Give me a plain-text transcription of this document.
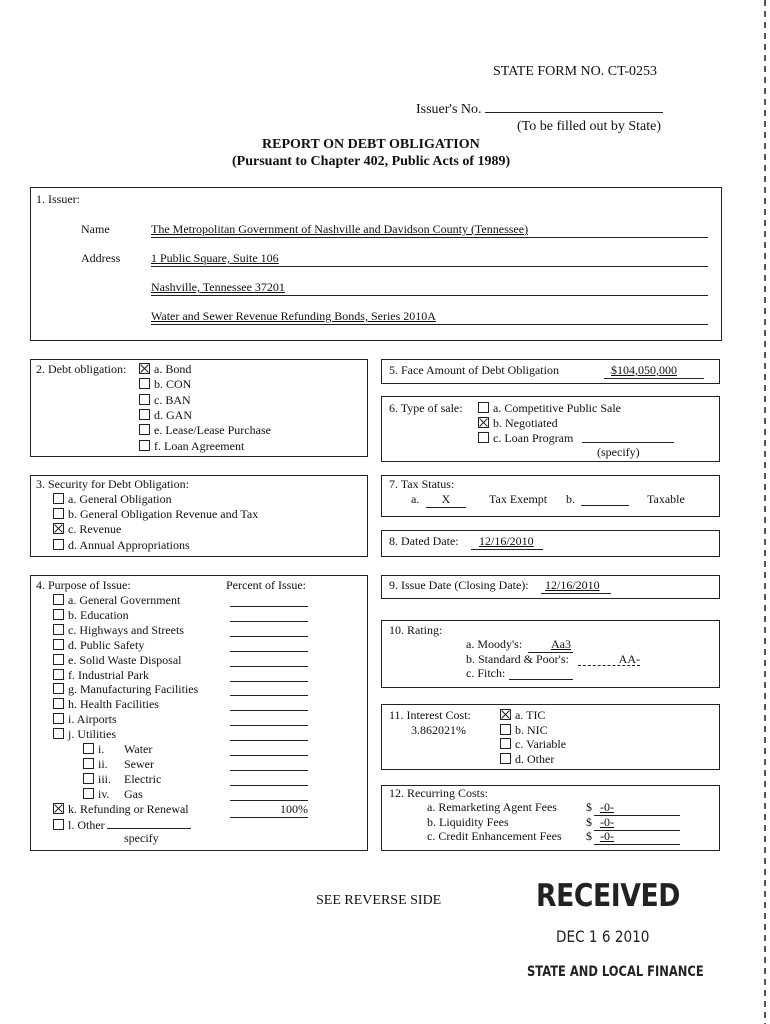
STATE FORM NO. CT-0253
Issuer's No.
(To be filled out by State)
REPORT ON DEBT OBLIGATION
(Pursuant to Chapter 402, Public Acts of 1989)
1. Issuer:
Name	The Metropolitan Government of Nashville and Davidson County (Tennessee)
Address	1 Public Square, Suite 106
Nashville, Tennessee 37201
Water and Sewer Revenue Refunding Bonds, Series 2010A
2. Debt obligation:	a. Bond
b. CON
c. BAN
d. GAN
e. Lease/Lease Purchase
f. Loan Agreement
5. Face Amount of Debt Obligation	$104,050,000
6. Type of sale:	a. Competitive Public Sale
b. Negotiated
c. Loan Program
(specify)
3. Security for Debt Obligation:
a. General Obligation
b. General Obligation Revenue and Tax
c. Revenue
d. Annual Appropriations
7. Tax Status:
a.	X	Tax Exempt b.	Taxable
8. Dated Date:	12/16/2010
4. Purpose of Issue:	Percent of Issue:
a. General Government
b. Education
c. Highways and Streets
d. Public Safety
e. Solid Waste Disposal
f. Industrial Park
g. Manufacturing Facilities
h. Health Facilities
i. Airports
j. Utilities
i. Water
ii. Sewer
iii. Electric
iv. Gas
k. Refunding or Renewal	100%
l. Other
specify
9. Issue Date (Closing Date):	12/16/2010
10. Rating:
a. Moody's:	Aa3
b. Standard & Poor's:	AA-
c. Fitch:
11. Interest Cost:
3.862021%
a. TIC
b. NIC
c. Variable
d. Other
12. Recurring Costs:
a. Remarketing Agent Fees $ -0-
b. Liquidity Fees	$ -0-
c. Credit Enhancement Fees $ -0-
SEE REVERSE SIDE	RECEIVED
DEC 1 6 2010
STATE AND LOCAL FINANCE
